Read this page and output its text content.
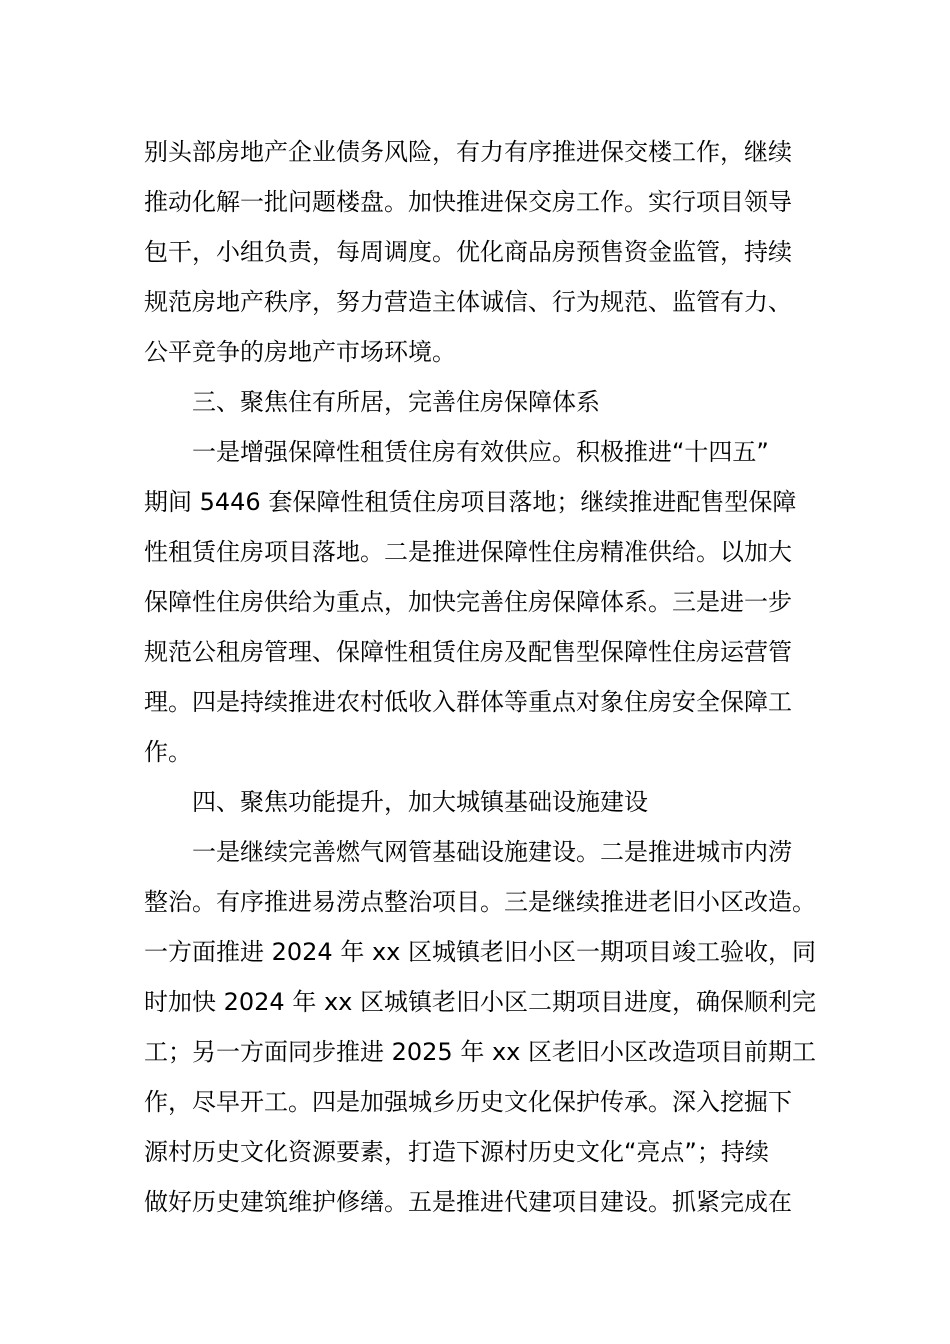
别头部房地产企业债务风险，有力有序推进保交楼工作，继续
推动化解一批问题楼盘。加快推进保交房工作。实行项目领导
包干，小组负责，每周调度。优化商品房预售资金监管，持续
规范房地产秩序，努力营造主体诚信、行为规范、监管有力、
公平竞争的房地产市场环境。
三、聚焦住有所居，完善住房保障体系
一是增强保障性租赁住房有效供应。积极推进“十四五”
期间 5446 套保障性租赁住房项目落地；继续推进配售型保障
性租赁住房项目落地。二是推进保障性住房精准供给。以加大
保障性住房供给为重点，加快完善住房保障体系。三是进一步
规范公租房管理、保障性租赁住房及配售型保障性住房运营管
理。四是持续推进农村低收入群体等重点对象住房安全保障工
作。
四、聚焦功能提升，加大城镇基础设施建设
一是继续完善燃气网管基础设施建设。二是推进城市内涝
整治。有序推进易涝点整治项目。三是继续推进老旧小区改造。
一方面推进 2024 年 xx 区城镇老旧小区一期项目竣工验收，同
时加快 2024 年 xx 区城镇老旧小区二期项目进度，确保顺利完
工；另一方面同步推进 2025 年 xx 区老旧小区改造项目前期工
作，尽早开工。四是加强城乡历史文化保护传承。深入挖掘下
源村历史文化资源要素，打造下源村历史文化“亮点”；持续
做好历史建筑维护修缮。五是推进代建项目建设。抓紧完成在
